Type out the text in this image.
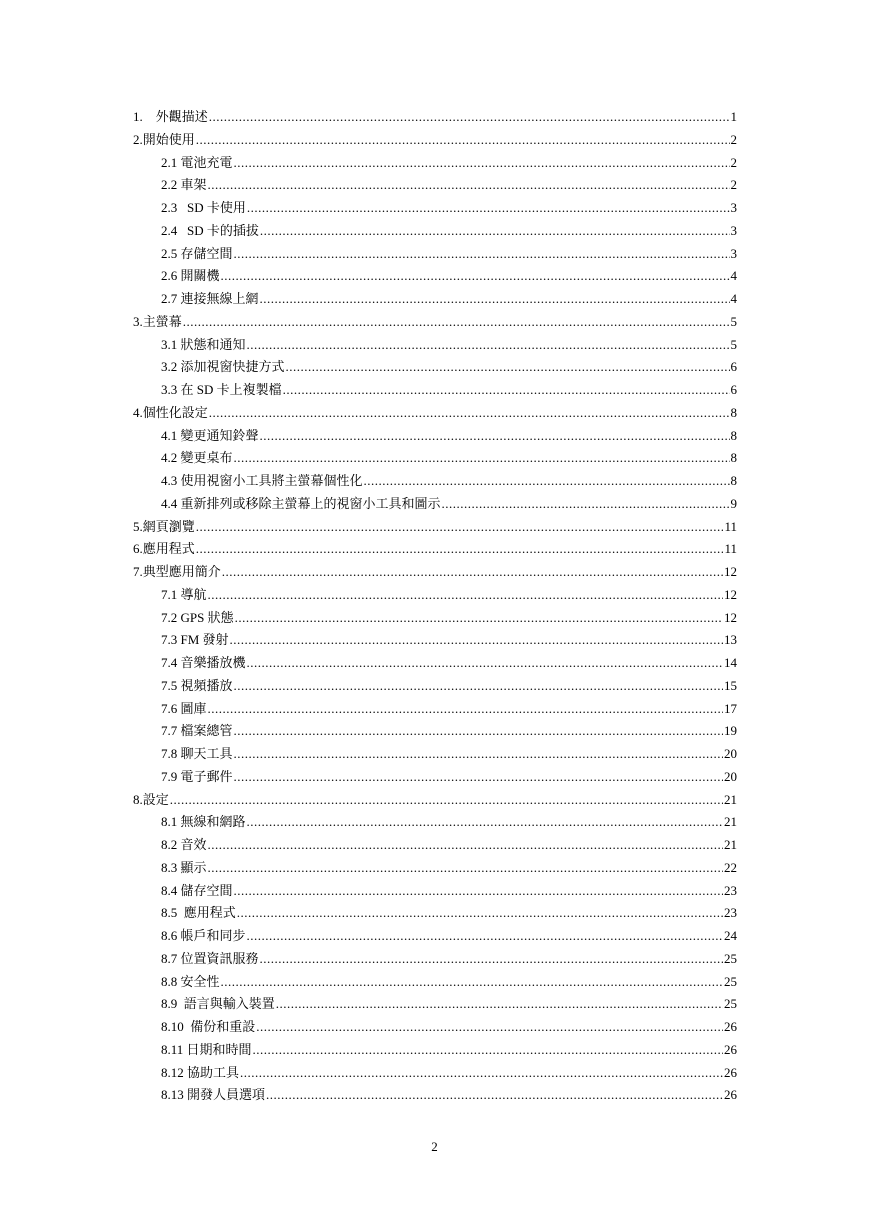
1.    外觀描述 .....	1
2.開始使用 .....	2
2.1 電池充電 .....	2
2.2 車架 .....	2
2.3   SD 卡使用 .....	3
2.4   SD 卡的插拔 .....	3
2.5 存儲空間 .....	3
2.6 開關機 .....	4
2.7 連接無線上網 .....	4
3.主螢幕 .....	5
3.1 狀態和通知 .....	5
3.2 添加視窗快捷方式 .....	6
3.3 在 SD 卡上複製檔 .....	6
4.個性化設定 .....	8
4.1 變更通知鈴聲 .....	8
4.2 變更桌布 .....	8
4.3 使用視窗小工具將主螢幕個性化 .....	8
4.4 重新排列或移除主螢幕上的視窗小工具和圖示 .....	9
5.網頁瀏覽 .....	11
6.應用程式 .....	11
7.典型應用簡介 .....	12
7.1 導航 .....	12
7.2 GPS 狀態 .....	12
7.3 FM 發射 .....	13
7.4 音樂播放機 .....	14
7.5 視頻播放 .....	15
7.6 圖庫 .....	17
7.7 檔案總管 .....	19
7.8 聊天工具 .....	20
7.9 電子郵件 .....	20
8.設定 .....	21
8.1 無線和網路 .....	21
8.2 音效 .....	21
8.3 顯示 .....	22
8.4 儲存空間 .....	23
8.5  應用程式 .....	23
8.6 帳戶和同步 .....	24
8.7 位置資訊服務 .....	25
8.8 安全性 .....	25
8.9  語言與輸入裝置 .....	25
8.10  備份和重設 .....	26
8.11 日期和時間 .....	26
8.12 協助工具 .....	26
8.13 開發人員選項 .....	26
2
